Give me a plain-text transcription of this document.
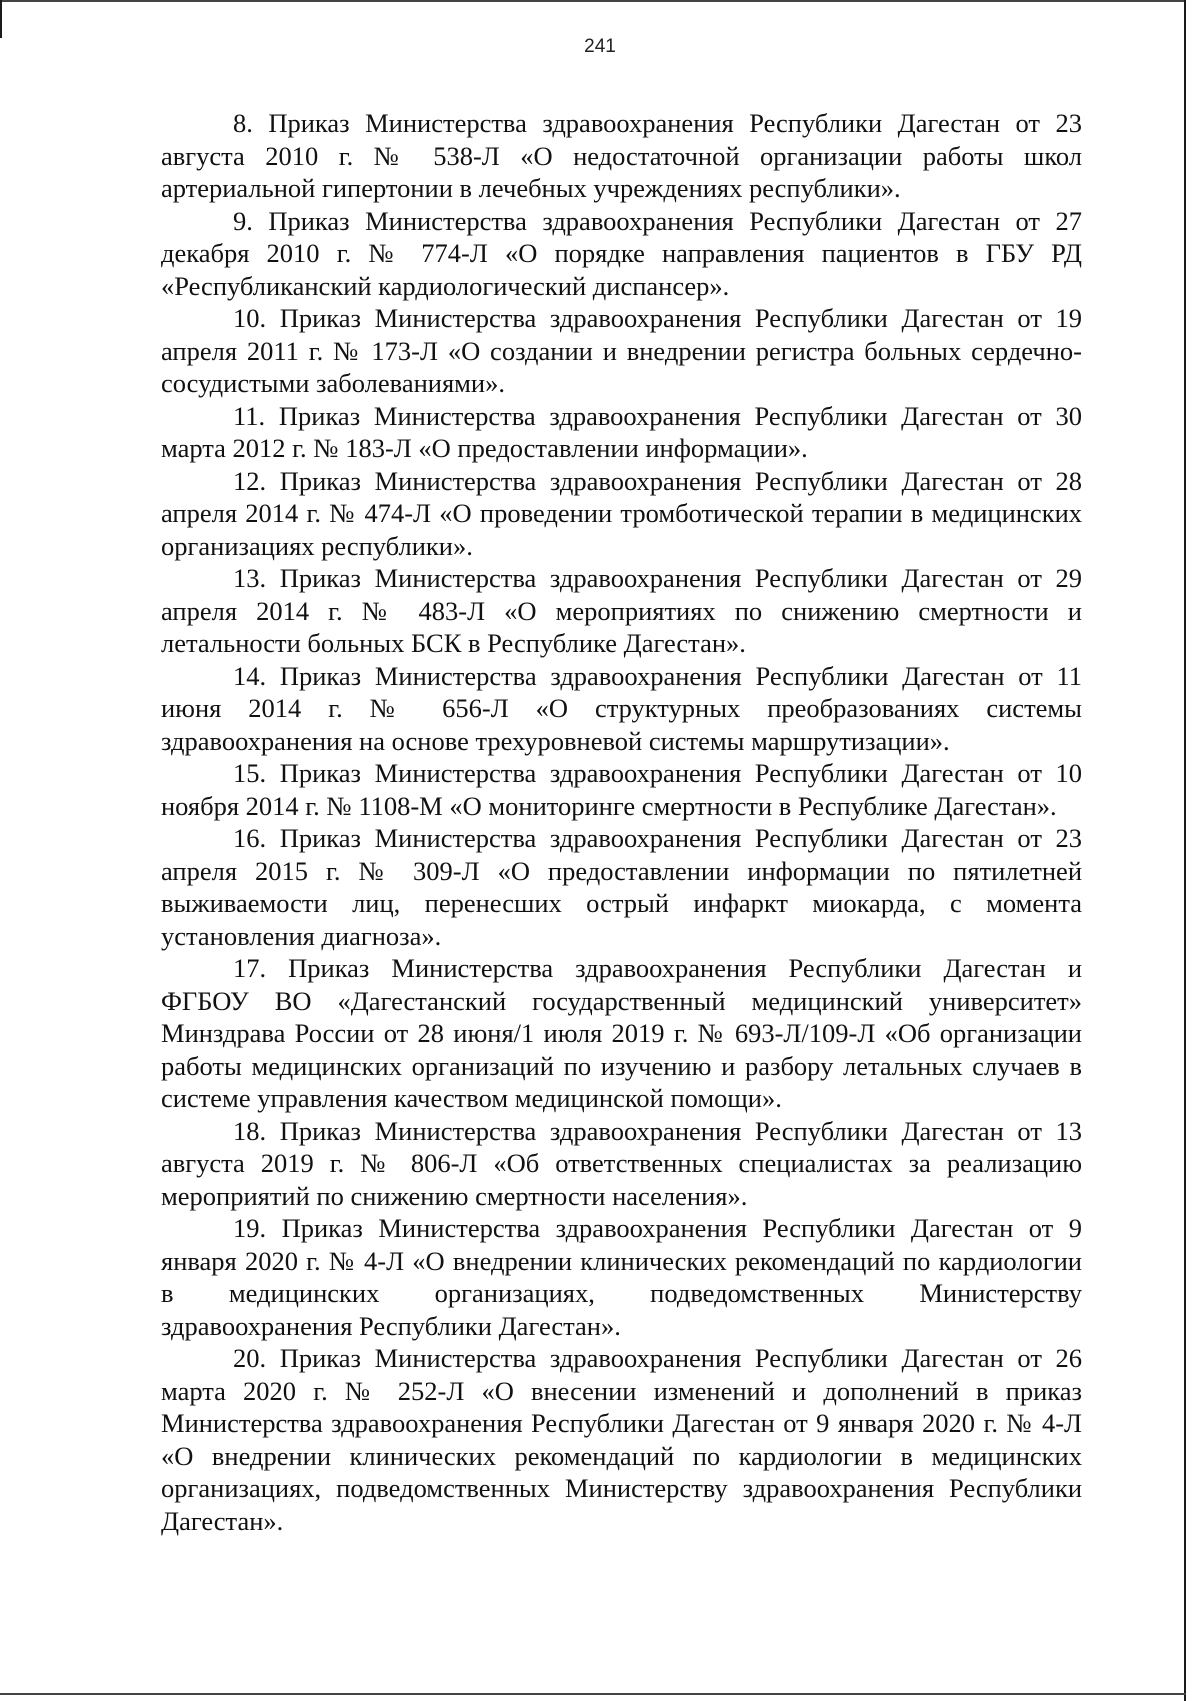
241

8. Приказ Министерства здравоохранения Республики Дагестан от 23 августа 2010 г. № 538-Л «О недостаточной организации работы школ артериальной гипертонии в лечебных учреждениях республики».

9. Приказ Министерства здравоохранения Республики Дагестан от 27 декабря 2010 г. № 774-Л «О порядке направления пациентов в ГБУ РД «Республиканский кардиологический диспансер».

10. Приказ Министерства здравоохранения Республики Дагестан от 19 апреля 2011 г. № 173-Л «О создании и внедрении регистра больных сердечно-сосудистыми заболеваниями».

11. Приказ Министерства здравоохранения Республики Дагестан от 30 марта 2012 г. № 183-Л «О предоставлении информации».

12. Приказ Министерства здравоохранения Республики Дагестан от 28 апреля 2014 г. № 474-Л «О проведении тромботической терапии в медицинских организациях республики».

13. Приказ Министерства здравоохранения Республики Дагестан от 29 апреля 2014 г. № 483-Л «О мероприятиях по снижению смертности и летальности больных БСК в Республике Дагестан».

14. Приказ Министерства здравоохранения Республики Дагестан от 11 июня 2014 г. № 656-Л «О структурных преобразованиях системы здравоохранения на основе трехуровневой системы маршрутизации».

15. Приказ Министерства здравоохранения Республики Дагестан от 10 ноября 2014 г. № 1108-М «О мониторинге смертности в Республике Дагестан».

16. Приказ Министерства здравоохранения Республики Дагестан от 23 апреля 2015 г. № 309-Л «О предоставлении информации по пятилетней выживаемости лиц, перенесших острый инфаркт миокарда, с момента установления диагноза».

17. Приказ Министерства здравоохранения Республики Дагестан и ФГБОУ ВО «Дагестанский государственный медицинский университет» Минздрава России от 28 июня/1 июля 2019 г. № 693-Л/109-Л «Об организации работы медицинских организаций по изучению и разбору летальных случаев в системе управления качеством медицинской помощи».

18. Приказ Министерства здравоохранения Республики Дагестан от 13 августа 2019 г. № 806-Л «Об ответственных специалистах за реализацию мероприятий по снижению смертности населения».

19. Приказ Министерства здравоохранения Республики Дагестан от 9 января 2020 г. № 4-Л «О внедрении клинических рекомендаций по кардиологии в медицинских организациях, подведомственных Министерству здравоохранения Республики Дагестан».

20. Приказ Министерства здравоохранения Республики Дагестан от 26 марта 2020 г. № 252-Л «О внесении изменений и дополнений в приказ Министерства здравоохранения Республики Дагестан от 9 января 2020 г. № 4-Л «О внедрении клинических рекомендаций по кардиологии в медицинских организациях, подведомственных Министерству здравоохранения Республики Дагестан».
